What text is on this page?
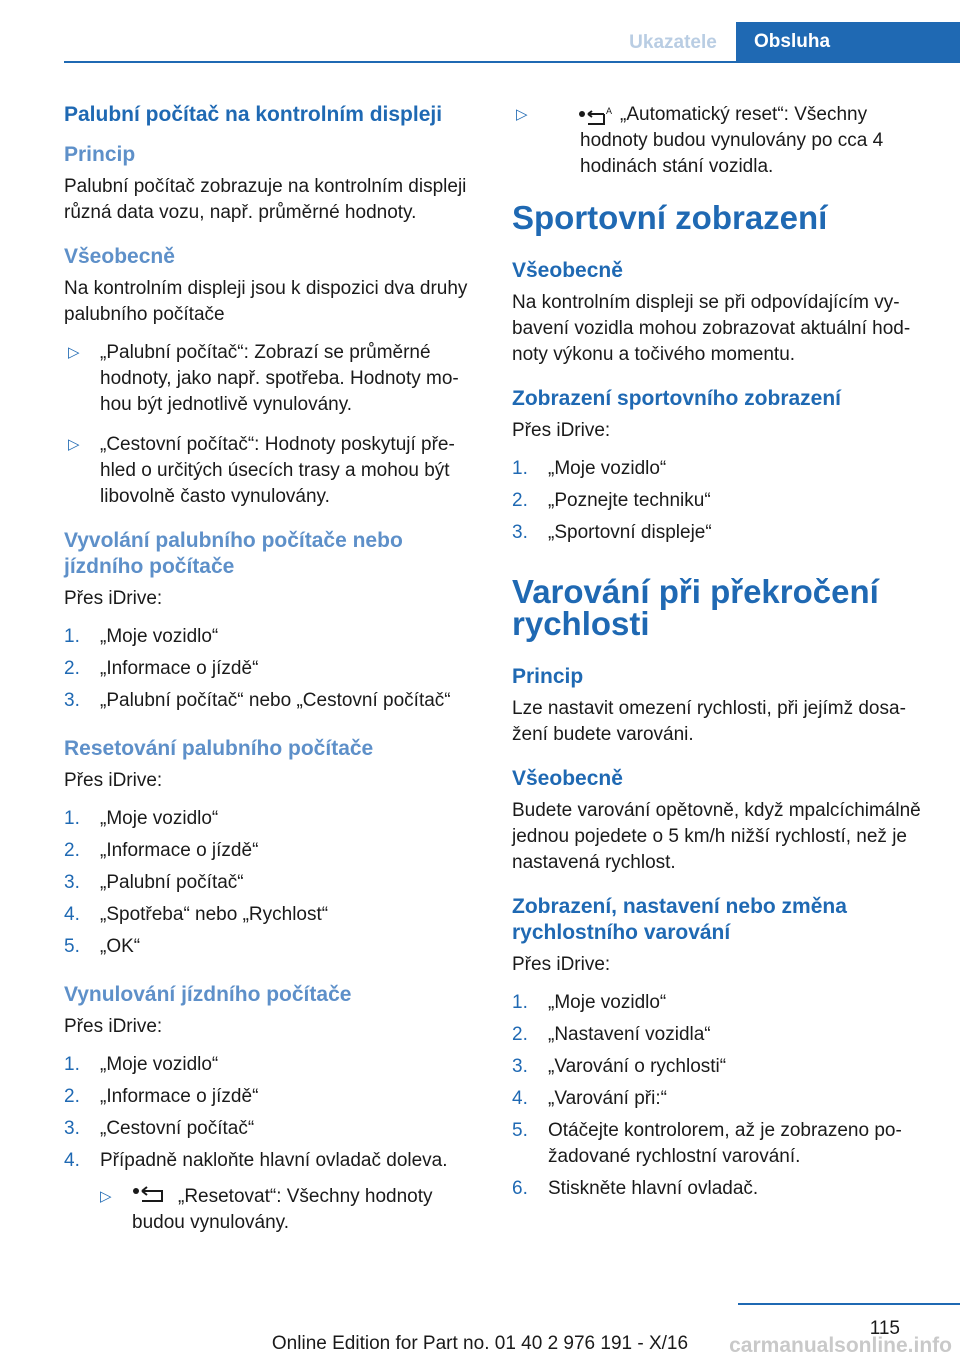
Ukazatele	Obsluha
Palubní počítač na kontrolním displeji
Princip
Palubní počítač zobrazuje na kontrolním displeji různá data vozu, např. průměrné hodnoty.
Všeobecně
Na kontrolním displeji jsou k dispozici dva druhy palubního počítače
▷ „Palubní počítač“: Zobrazí se průměrné hodnoty, jako např. spotřeba. Hodnoty mohou být jednotlivě vynulovány.
▷ „Cestovní počítač“: Hodnoty poskytují přehled o určitých úsecích trasy a mohou být libovolně často vynulovány.
Vyvolání palubního počítače nebo jízdního počítače
Přes iDrive:
1. „Moje vozidlo“
2. „Informace o jízdě“
3. „Palubní počítač“ nebo „Cestovní počítač“
Resetování palubního počítače
Přes iDrive:
1. „Moje vozidlo“
2. „Informace o jízdě“
3. „Palubní počítač“
4. „Spotřeba“ nebo „Rychlost“
5. „OK“
Vynulování jízdního počítače
Přes iDrive:
1. „Moje vozidlo“
2. „Informace o jízdě“
3. „Cestovní počítač“
4. Případně nakloňte hlavní ovladač doleva.
▷	„Resetovat“: Všechny hodnoty budou vynulovány.
▷	A „Automatický reset“: Všechny hodnoty budou vynulovány po cca 4 hodinách stání vozidla.
Sportovní zobrazení
Všeobecně
Na kontrolním displeji se při odpovídajícím vybavení vozidla mohou zobrazovat aktuální hodnoty výkonu a točivého momentu.
Zobrazení sportovního zobrazení
Přes iDrive:
1. „Moje vozidlo“
2. „Poznejte techniku“
3. „Sportovní displeje“
Varování při překročení rychlosti
Princip
Lze nastavit omezení rychlosti, při jejímž dosažení budete varováni.
Všeobecně
Budete varování opětovně, když mpalcíchimálně jednou pojedete o 5 km/h nižší rychlostí, než je nastavená rychlost.
Zobrazení, nastavení nebo změna rychlostního varování
Přes iDrive:
1. „Moje vozidlo“
2. „Nastavení vozidla“
3. „Varování o rychlosti“
4. „Varování při:“
5. Otáčejte kontrolorem, až je zobrazeno požadované rychlostní varování.
6. Stiskněte hlavní ovladač.
115
Online Edition for Part no. 01 40 2 976 191 - X/16	carmanualsonline.info
